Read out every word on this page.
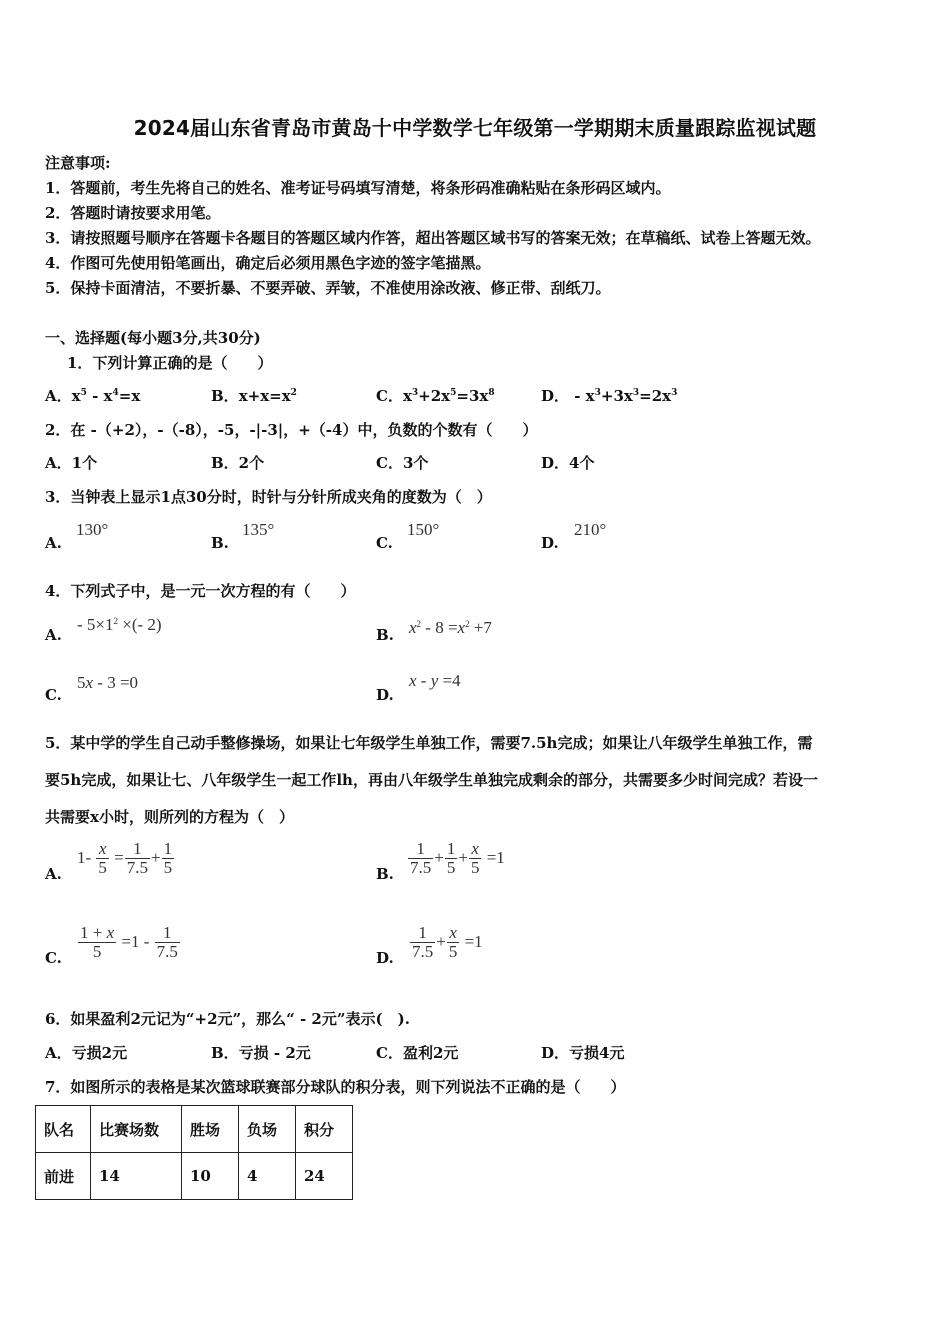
2024届山东省青岛市黄岛十中学数学七年级第一学期期末质量跟踪监视试题
注意事项:
1．答题前，考生先将自己的姓名、准考证号码填写清楚，将条形码准确粘贴在条形码区域内。
2．答题时请按要求用笔。
3．请按照题号顺序在答题卡各题目的答题区域内作答，超出答题区域书写的答案无效；在草稿纸、试卷上答题无效。
4．作图可先使用铅笔画出，确定后必须用黑色字迹的签字笔描黑。
5．保持卡面清洁，不要折暴、不要弄破、弄皱，不准使用涂改液、修正带、刮纸刀。
一、选择题(每小题3分,共30分)
1．下列计算正确的是（　　）
A．$x^5 - x^4=x$	B．$x+x=x^2$	C．$x^3+2x^5=3x^8$	D． - $x^3+3x^3=2x^3$
2．在 -（+2），-（-8），-5，-|-3|，+（-4）中，负数的个数有（　　）
A．1个	B．2个	C．3个	D．4个
3．当钟表上显示1点30分时，时针与分针所成夹角的度数为（　）
A.
130°
B.
135°
C.
150°
D.
210°
4．下列式子中，是一元一次方程的有（　　）
A.
- $5\times 1^2$ ×(- 2)
B. $x^2 - 8 =x^2 +7$
C.
5x - 3 =0
D.
x - y =4
5．某中学的学生自己动手整修操场，如果让七年级学生单独工作，需要7.5h完成；如果让八年级学生单独工作，需
要5h完成，如果让七、八年级学生一起工作lh，再由八年级学生单独完成剩余的部分，共需要多少时间完成？若设一
共需要x小时，则所列的方程为（　）
A.
$1- \frac{x}{5} = \frac{1}{7.5} + \frac{1}{5}$	B. $\frac{1}{7.5} + \frac{1}{5} + \frac{x}{5} =1$
C. $\frac{1 + x}{5} =1 - \frac{1}{7.5}$	D. $\frac{1}{7.5} + \frac{x}{5} =1$
6．如果盈利2元记为“+2元”，那么“ - 2元”表示(　).
A．亏损2元	B．亏损 - 2元	C．盈利2元	D．亏损4元
7．如图所示的表格是某次篮球联赛部分球队的积分表，则下列说法不正确的是（　　）
队名	比赛场数	胜场	负场	积分
前进	14	10	4	24
